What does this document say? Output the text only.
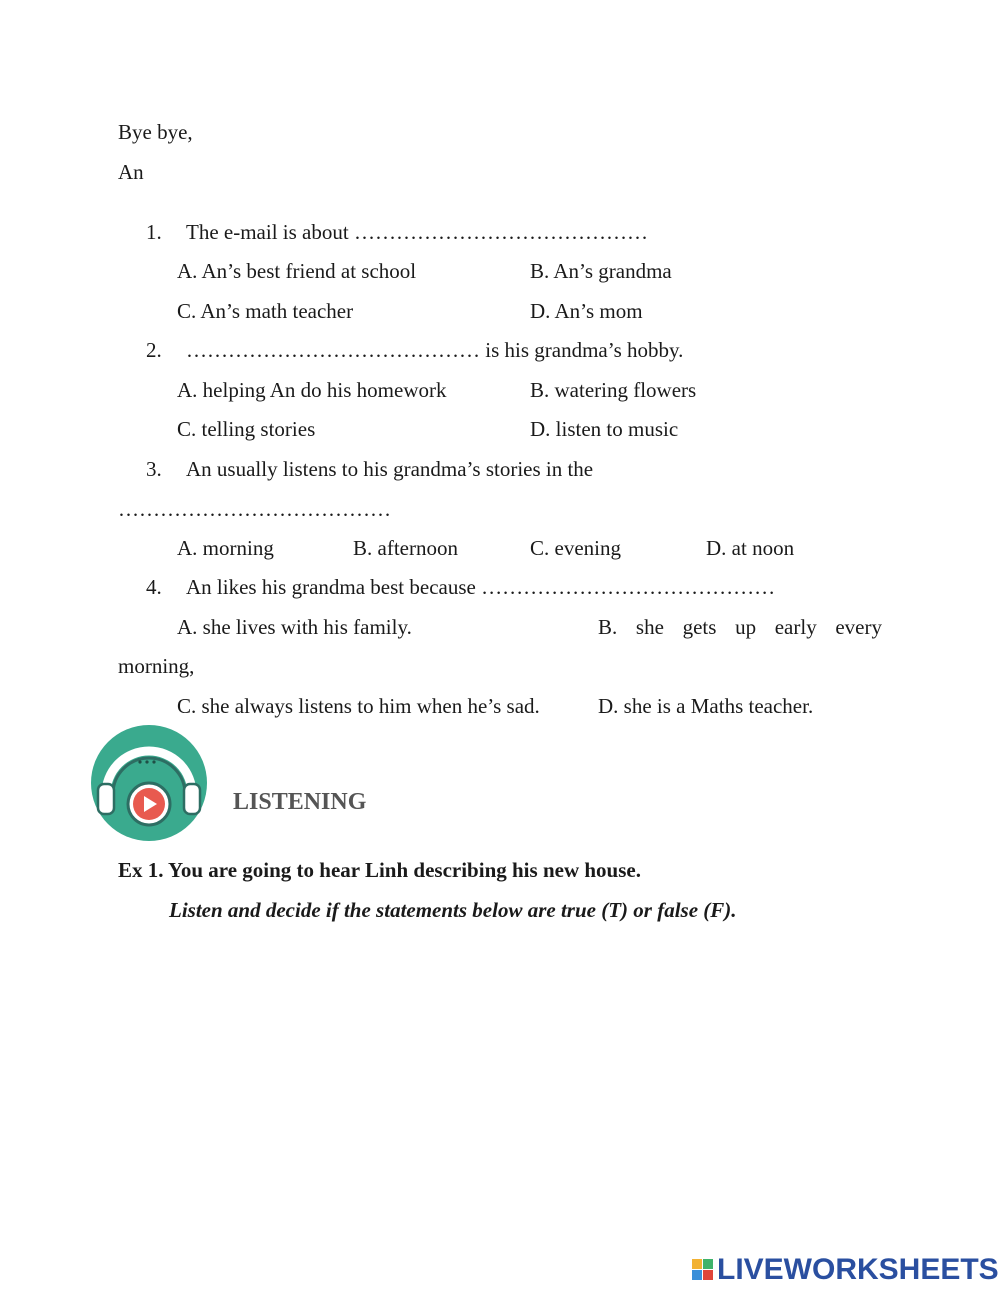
Bye bye,
An
1. The e-mail is about ……………………………………
A. An’s best friend at school	B. An’s grandma
C. An’s math teacher	D. An’s mom
2. …………………………………… is his grandma’s hobby.
A. helping An do his homework	B. watering flowers
C. telling stories	D. listen to music
3. An usually listens to his grandma’s stories in the
…………………………………
A. morning	B. afternoon	C. evening	D. at noon
4. An likes his grandma best because ……………………………………
A. she lives with his family.	B. she gets up early every
morning,
C. she always listens to him when he’s sad.	D. she is a Maths teacher.
LISTENING
Ex 1. You are going to hear Linh describing his new house.
Listen and decide if the statements below are true (T) or false (F).
LIVEWORKSHEETS
